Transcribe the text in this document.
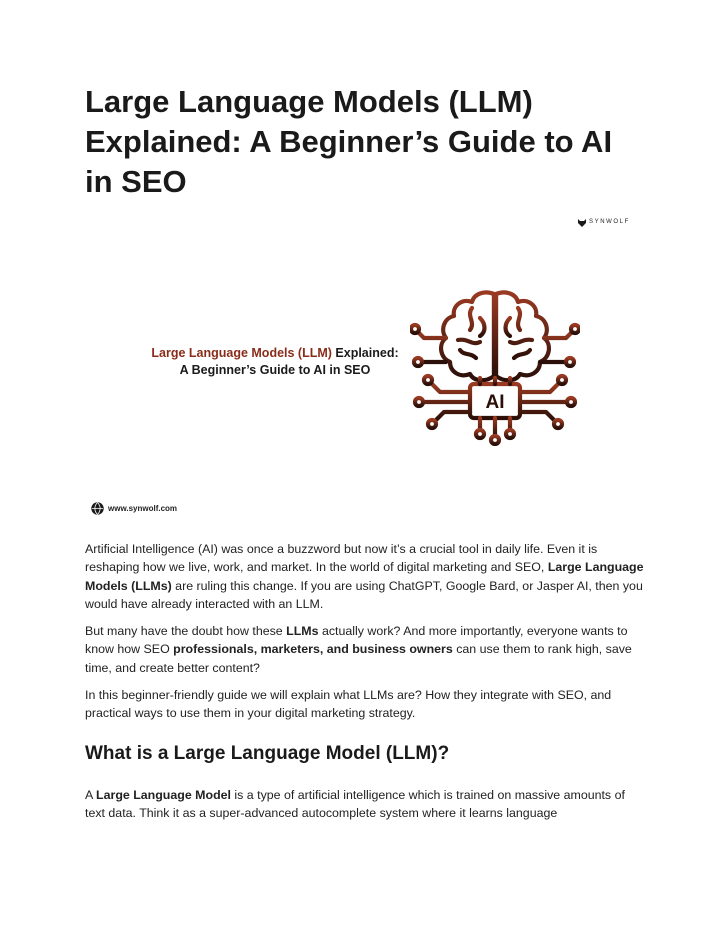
Large Language Models (LLM)
Explained: A Beginner’s Guide to AI
in SEO
SYNWOLF
Large Language Models (LLM) Explained:
A Beginner’s Guide to AI in SEO
AI
www.synwolf.com

Artificial Intelligence (AI) was once a buzzword but now it’s a crucial tool in daily life. Even it is reshaping how we live, work, and market. In the world of digital marketing and SEO, Large Language Models (LLMs) are ruling this change. If you are using ChatGPT, Google Bard, or Jasper AI, then you would have already interacted with an LLM.

But many have the doubt how these LLMs actually work? And more importantly, everyone wants to know how SEO professionals, marketers, and business owners can use them to rank high, save time, and create better content?

In this beginner-friendly guide we will explain what LLMs are? How they integrate with SEO, and practical ways to use them in your digital marketing strategy.

What is a Large Language Model (LLM)?

A Large Language Model is a type of artificial intelligence which is trained on massive amounts of text data. Think it as a super-advanced autocomplete system where it learns language
